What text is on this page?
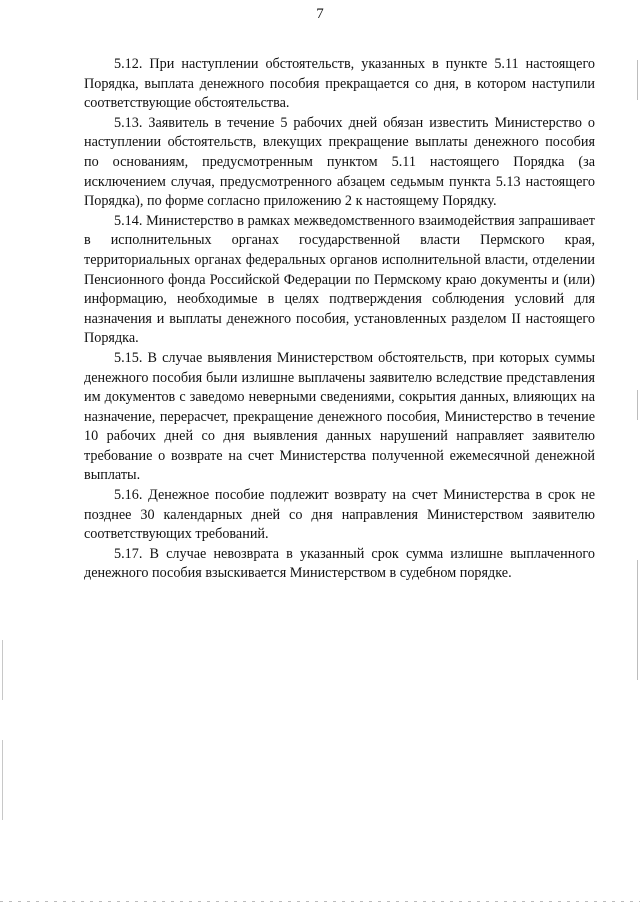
7

5.12. При наступлении обстоятельств, указанных в пункте 5.11 настоящего Порядка, выплата денежного пособия прекращается со дня, в котором наступили соответствующие обстоятельства.

5.13. Заявитель в течение 5 рабочих дней обязан известить Министерство о наступлении обстоятельств, влекущих прекращение выплаты денежного пособия по основаниям, предусмотренным пунктом 5.11 настоящего Порядка (за исключением случая, предусмотренного абзацем седьмым пункта 5.13 настоящего Порядка), по форме согласно приложению 2 к настоящему Порядку.

5.14. Министерство в рамках межведомственного взаимодействия запрашивает в исполнительных органах государственной власти Пермского края, территориальных органах федеральных органов исполнительной власти, отделении Пенсионного фонда Российской Федерации по Пермскому краю документы и (или) информацию, необходимые в целях подтверждения соблюдения условий для назначения и выплаты денежного пособия, установленных разделом II настоящего Порядка.

5.15. В случае выявления Министерством обстоятельств, при которых суммы денежного пособия были излишне выплачены заявителю вследствие представления им документов с заведомо неверными сведениями, сокрытия данных, влияющих на назначение, перерасчет, прекращение денежного пособия, Министерство в течение 10 рабочих дней со дня выявления данных нарушений направляет заявителю требование о возврате на счет Министерства полученной ежемесячной денежной выплаты.

5.16. Денежное пособие подлежит возврату на счет Министерства в срок не позднее 30 календарных дней со дня направления Министерством заявителю соответствующих требований.

5.17. В случае невозврата в указанный срок сумма излишне выплаченного денежного пособия взыскивается Министерством в судебном порядке.
